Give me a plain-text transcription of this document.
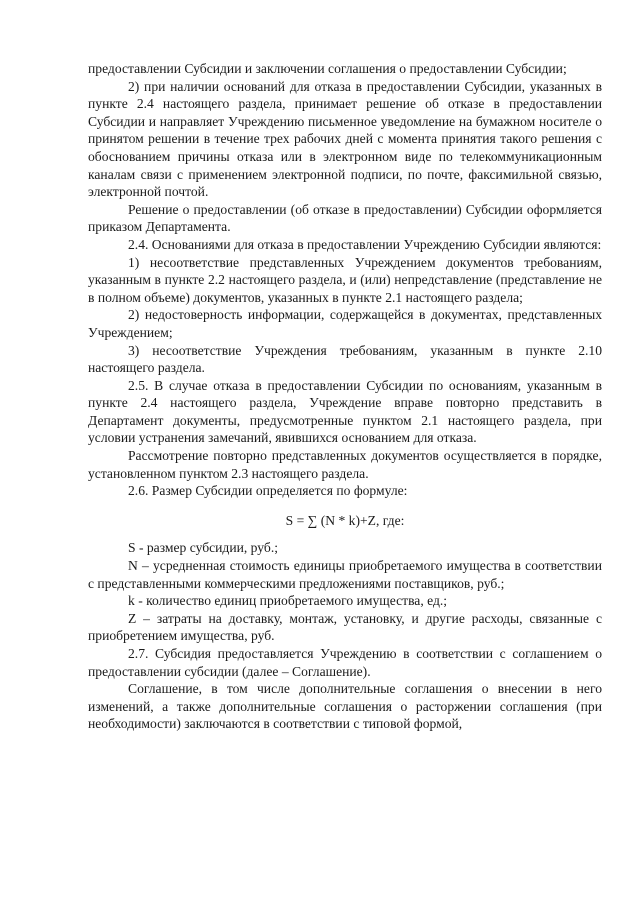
предоставлении Субсидии и заключении соглашения о предоставлении Субсидии;

2) при наличии оснований для отказа в предоставлении Субсидии, указанных в пункте 2.4 настоящего раздела, принимает решение об отказе в предоставлении Субсидии и направляет Учреждению письменное уведомление на бумажном носителе о принятом решении в течение трех рабочих дней с момента принятия такого решения с обоснованием причины отказа или в электронном виде по телекоммуникационным каналам связи с применением электронной подписи, по почте, факсимильной связью, электронной почтой.

Решение о предоставлении (об отказе в предоставлении) Субсидии оформляется приказом Департамента.

2.4. Основаниями для отказа в предоставлении Учреждению Субсидии являются:

1) несоответствие представленных Учреждением документов требованиям, указанным в пункте 2.2 настоящего раздела, и (или) непредставление (представление не в полном объеме) документов, указанных в пункте 2.1 настоящего раздела;

2) недостоверность информации, содержащейся в документах, представленных Учреждением;

3) несоответствие Учреждения требованиям, указанным в пункте 2.10 настоящего раздела.

2.5. В случае отказа в предоставлении Субсидии по основаниям, указанным в пункте 2.4 настоящего раздела, Учреждение вправе повторно представить в Департамент документы, предусмотренные пунктом 2.1 настоящего раздела, при условии устранения замечаний, явившихся основанием для отказа.

Рассмотрение повторно представленных документов осуществляется в порядке, установленном пунктом 2.3 настоящего раздела.

2.6. Размер Субсидии определяется по формуле:

S = ∑ (N * k)+Z, где:

S - размер субсидии, руб.;

N – усредненная стоимость единицы приобретаемого имущества в соответствии с представленными коммерческими предложениями поставщиков, руб.;

k - количество единиц приобретаемого имущества, ед.;

Z – затраты на доставку, монтаж, установку, и другие расходы, связанные с приобретением имущества, руб.

2.7. Субсидия предоставляется Учреждению в соответствии с соглашением о предоставлении субсидии (далее – Соглашение).

Соглашение, в том числе дополнительные соглашения о внесении в него изменений, а также дополнительные соглашения о расторжении соглашения (при необходимости) заключаются в соответствии с типовой формой,
